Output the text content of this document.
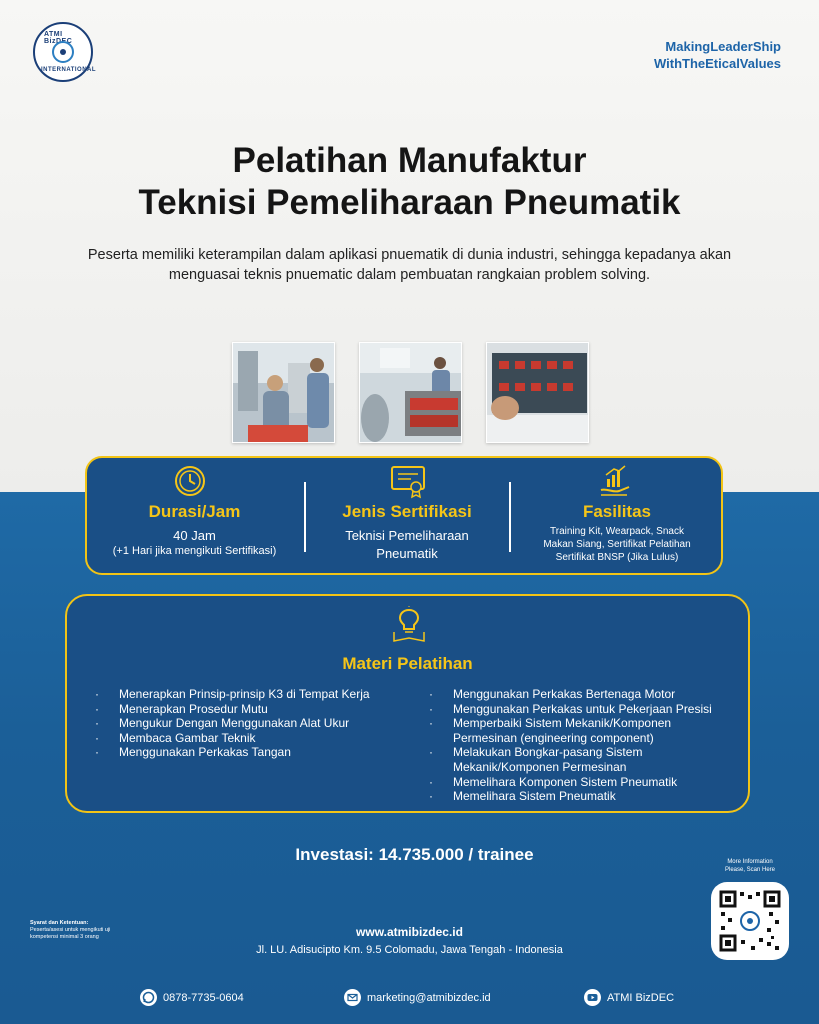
ATMI BizDEC
INTERNATIONAL
MakingLeaderShip
WithTheEticalValues
Pelatihan Manufaktur
Teknisi Pemeliharaan Pneumatik
Peserta memiliki keterampilan dalam aplikasi pnuematik di dunia industri, sehingga kepadanya akan
menguasai teknis pnuematic dalam pembuatan rangkaian problem solving.
Durasi/Jam
40 Jam
(+1 Hari jika mengikuti Sertifikasi)
Jenis Sertifikasi
Teknisi Pemeliharaan
Pneumatik
Fasilitas
Training Kit, Wearpack, Snack
Makan Siang, Sertifikat Pelatihan
Sertifikat BNSP (Jika Lulus)
Materi Pelatihan
· Menerapkan Prinsip-prinsip K3 di Tempat Kerja
· Menerapkan Prosedur Mutu
· Mengukur Dengan Menggunakan Alat Ukur
· Membaca Gambar Teknik
· Menggunakan Perkakas Tangan
· Menggunakan Perkakas Bertenaga Motor
· Menggunakan Perkakas untuk Pekerjaan Presisi
· Memperbaiki Sistem Mekanik/Komponen
Permesinan (engineering component)
· Melakukan Bongkar-pasang Sistem
Mekanik/Komponen Permesinan
· Memelihara Komponen Sistem Pneumatik
· Memelihara Sistem Pneumatik
Investasi: 14.735.000 / trainee	More Information
Please, Scan Here
Syarat dan Ketentuan:
Peserta/asesi untuk mengikuti uji
kompetensi minimal 3 orang	www.atmibizdec.id
Jl. LU. Adisucipto Km. 9.5 Colomadu, Jawa Tengah - Indonesia
0878-7735-0604	marketing@atmibizdec.id	ATMI BizDEC
